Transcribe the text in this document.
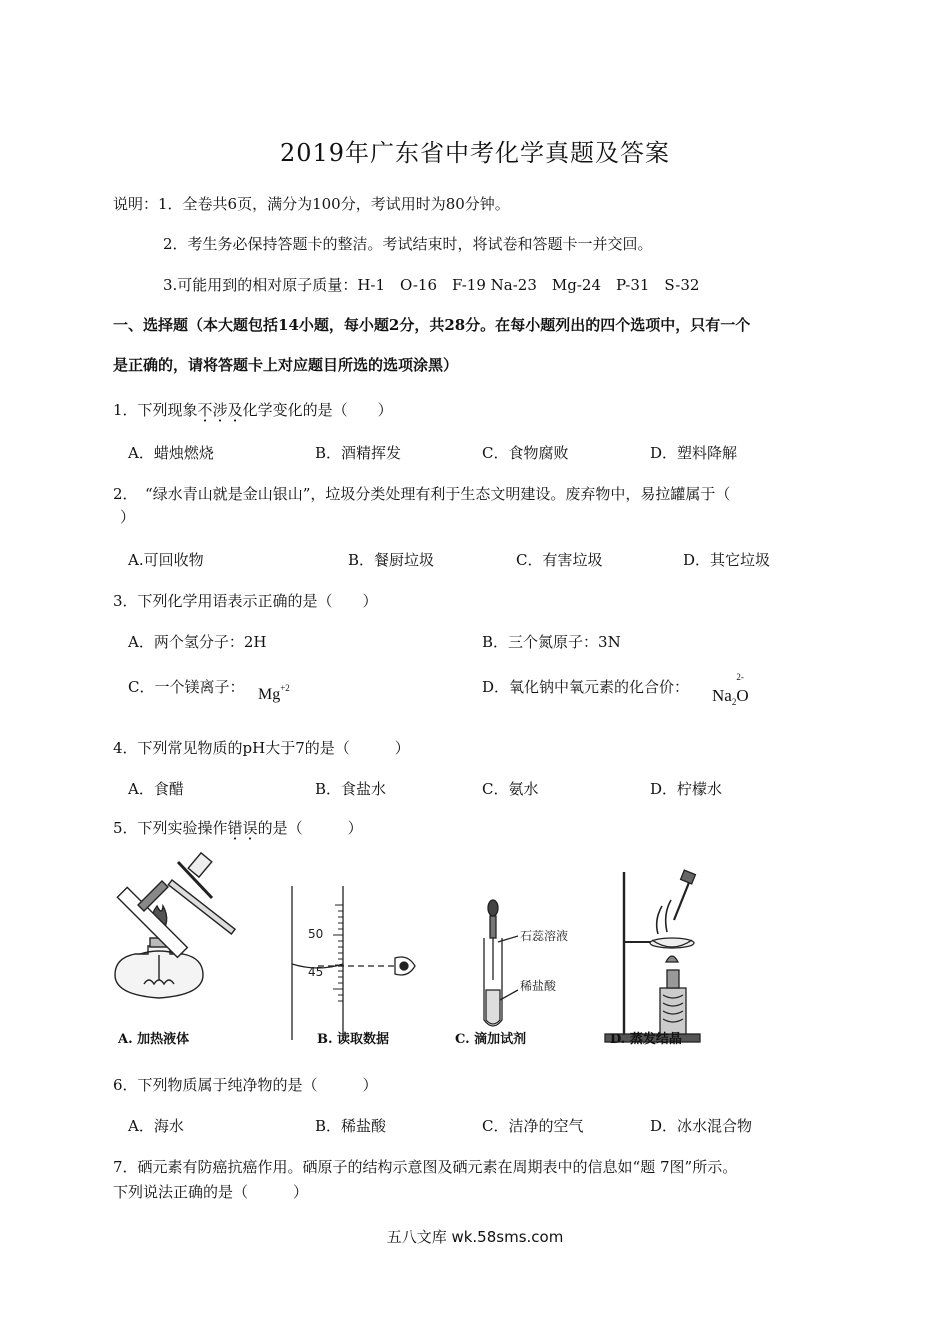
2019年广东省中考化学真题及答案
说明：1．全卷共6页，满分为100分，考试用时为80分钟。
2．考生务必保持答题卡的整洁。考试结束时，将试卷和答题卡一并交回。
3.可能用到的相对原子质量：H-1　O-16　F-19 Na-23　Mg-24　P-31　S-32
一、选择题（本大题包括14小题，每小题2分，共28分。在每小题列出的四个选项中，只有一个
是正确的，请将答题卡上对应题目所选的选项涂黑）
1．下列现象不涉及化学变化的是（　　）
A．蜡烛燃烧	B．酒精挥发	C．食物腐败	D．塑料降解
2．　“绿水青山就是金山银山”，垃圾分类处理有利于生态文明建设。废弃物中，易拉罐属于（
）
A.可回收物	B．餐厨垃圾	C．有害垃圾	D．其它垃圾
3．下列化学用语表示正确的是（　　）
A．两个氢分子：2H	B．三个氮原子：3N
C．一个镁离子： $Mg^{+2}$	D．氧化钠中氧元素的化合价： $Na_2O$
2-
4．下列常见物质的pH大于7的是（　　　）
A．食醋	B．食盐水	C．氨水	D．柠檬水
5．下列实验操作错误的是（　　　）
50
45
石蕊溶液
稀盐酸
A. 加热液体	B. 读取数据	C. 滴加试剂	D. 蒸发结晶
6．下列物质属于纯净物的是（　　　）
A．海水	B．稀盐酸	C．洁净的空气	D．冰水混合物
7．硒元素有防癌抗癌作用。硒原子的结构示意图及硒元素在周期表中的信息如“题 7图”所示。
下列说法正确的是（　　　）
五八文库 wk.58sms.com
